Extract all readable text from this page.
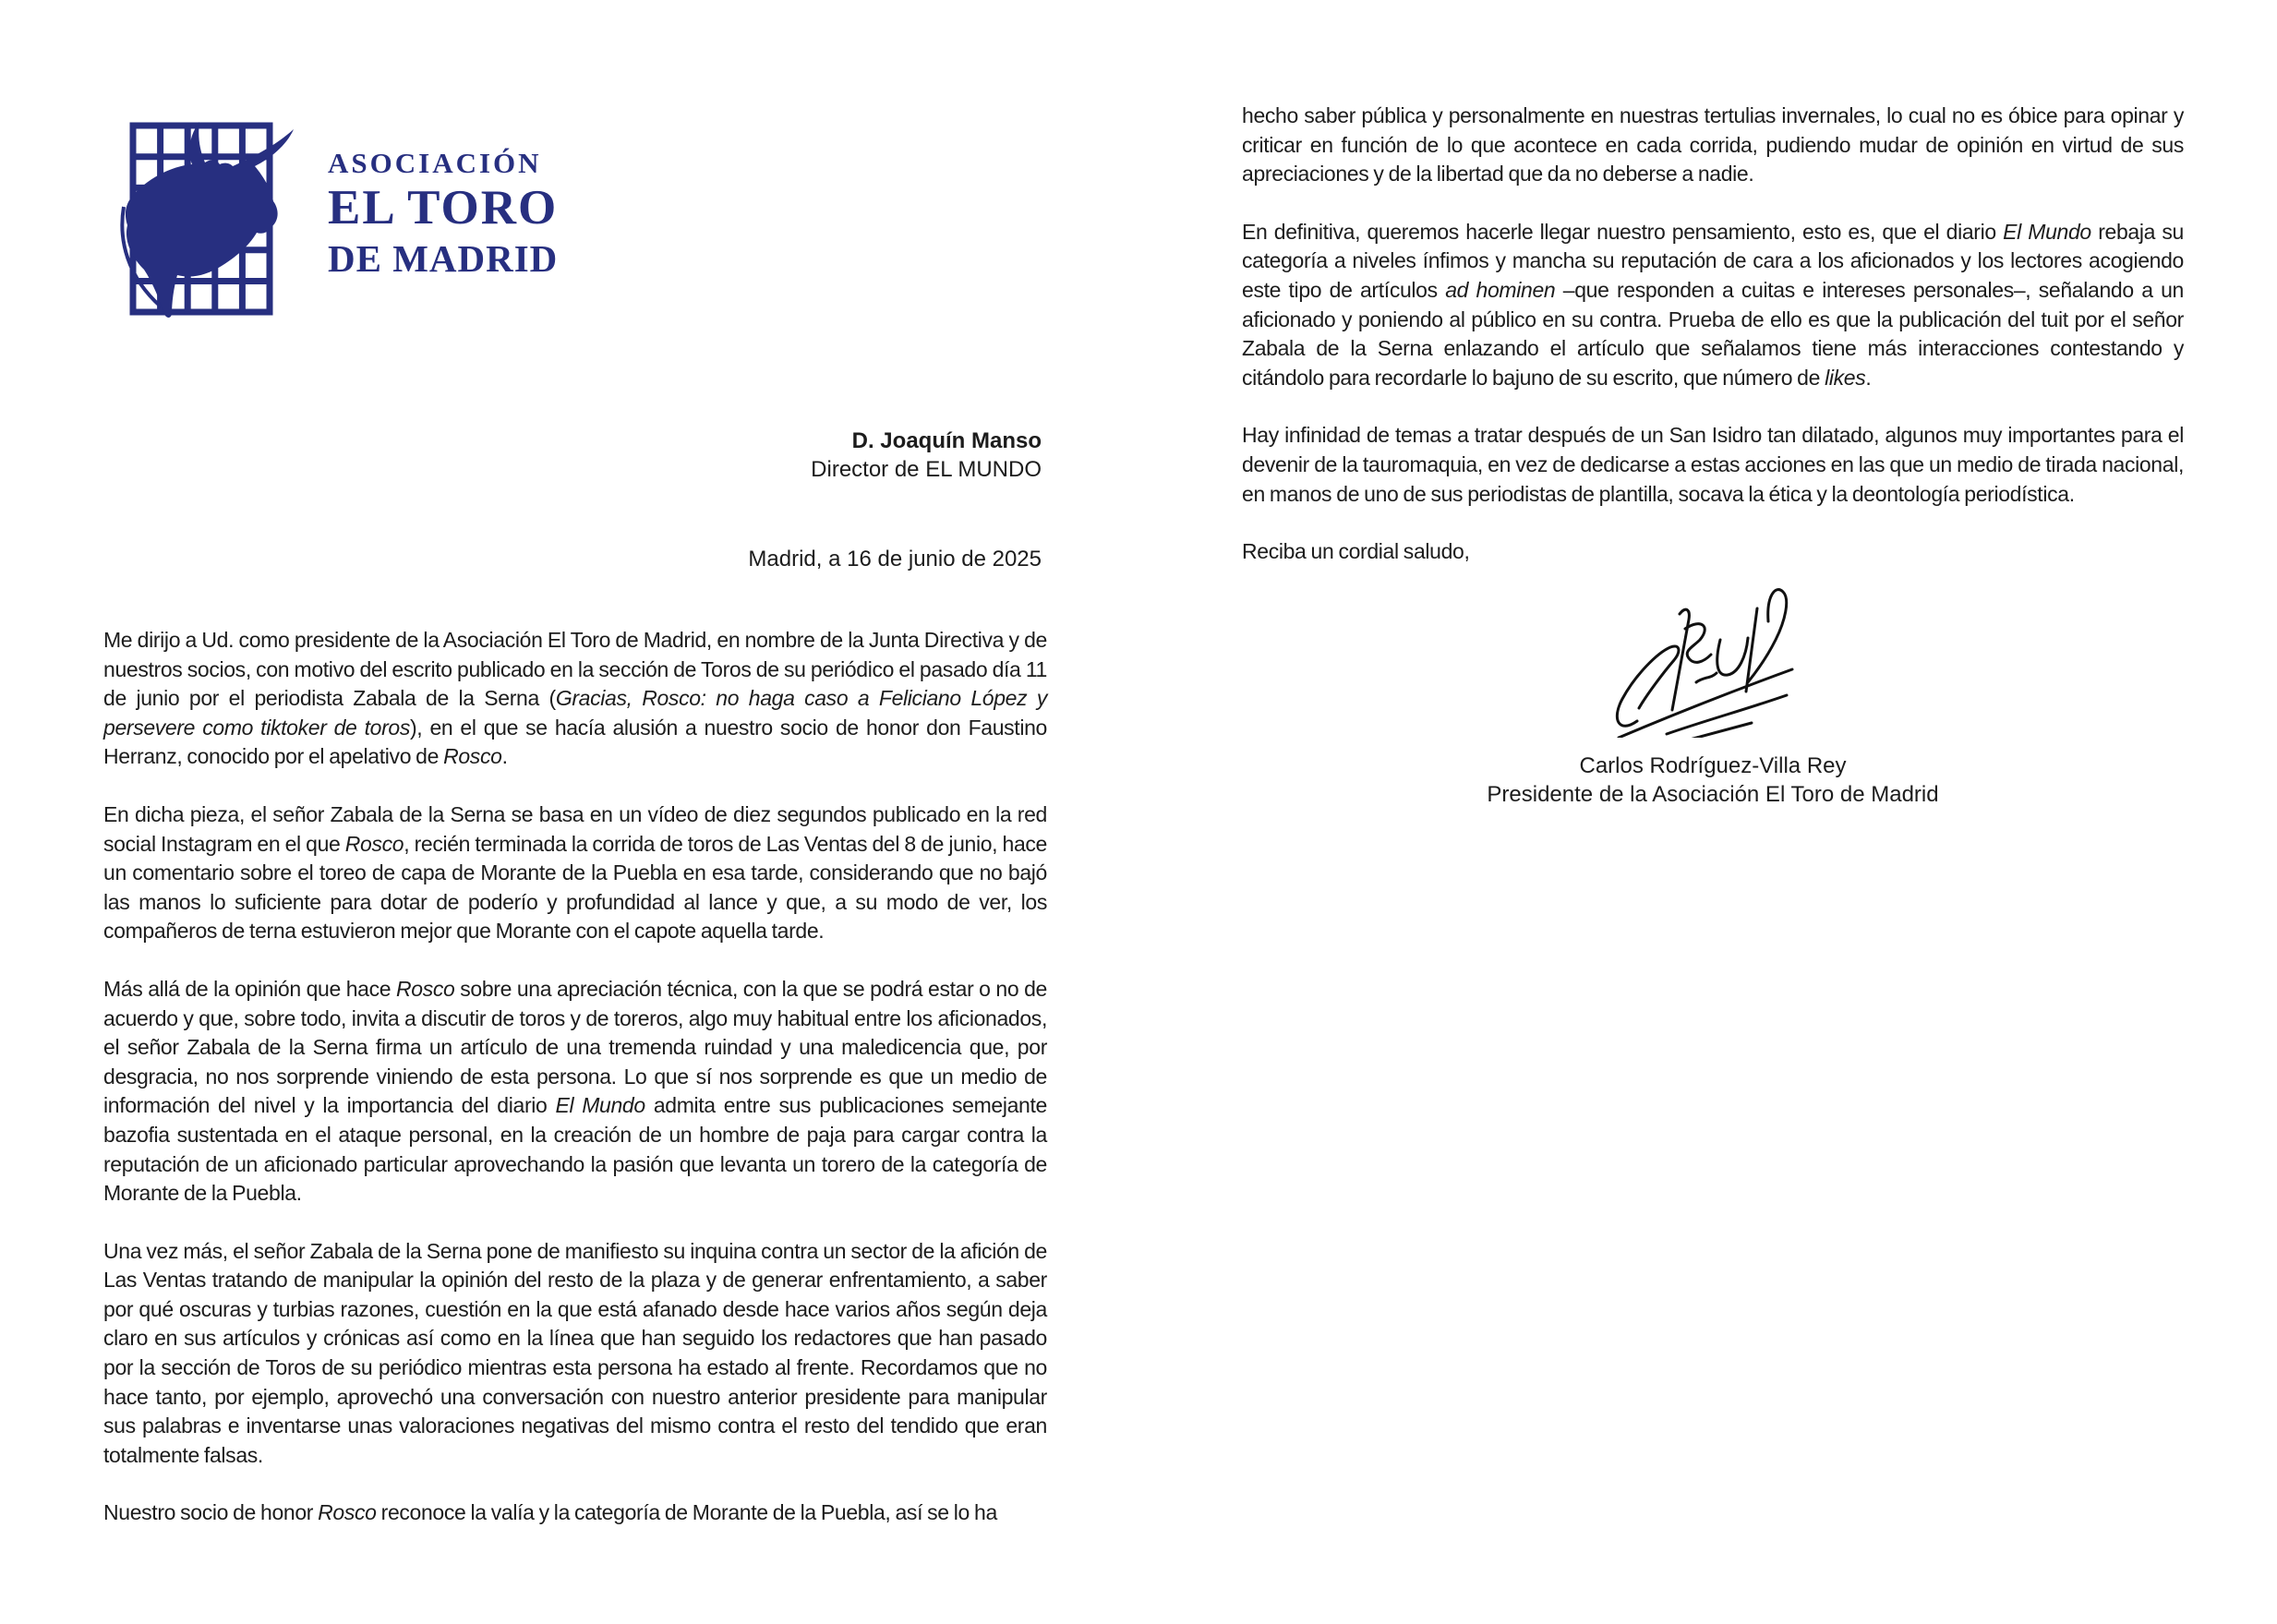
ASOCIACIÓN
EL TORO
DE MADRID
D. Joaquín Manso
Director de EL MUNDO
Madrid, a 16 de junio de 2025

Me dirijo a Ud. como presidente de la Asociación El Toro de Madrid, en nombre de la Junta Directiva y de nuestros socios, con motivo del escrito publicado en la sección de Toros de su periódico el pasado día 11 de junio por el periodista Zabala de la Serna (Gracias, Rosco: no haga caso a Feliciano López y persevere como tiktoker de toros), en el que se hacía alusión a nuestro socio de honor don Faustino Herranz, conocido por el apelativo de Rosco.

En dicha pieza, el señor Zabala de la Serna se basa en un vídeo de diez segundos publicado en la red social Instagram en el que Rosco, recién terminada la corrida de toros de Las Ventas del 8 de junio, hace un comentario sobre el toreo de capa de Morante de la Puebla en esa tarde, considerando que no bajó las manos lo suficiente para dotar de poderío y profundidad al lance y que, a su modo de ver, los compañeros de terna estuvieron mejor que Morante con el capote aquella tarde.

Más allá de la opinión que hace Rosco sobre una apreciación técnica, con la que se podrá estar o no de acuerdo y que, sobre todo, invita a discutir de toros y de toreros, algo muy habitual entre los aficionados, el señor Zabala de la Serna firma un artículo de una tremenda ruindad y una maledicencia que, por desgracia, no nos sorprende viniendo de esta persona. Lo que sí nos sorprende es que un medio de información del nivel y la importancia del diario El Mundo admita entre sus publicaciones semejante bazofia sustentada en el ataque personal, en la creación de un hombre de paja para cargar contra la reputación de un aficionado particular aprovechando la pasión que levanta un torero de la categoría de Morante de la Puebla.

Una vez más, el señor Zabala de la Serna pone de manifiesto su inquina contra un sector de la afición de Las Ventas tratando de manipular la opinión del resto de la plaza y de generar enfrentamiento, a saber por qué oscuras y turbias razones, cuestión en la que está afanado desde hace varios años según deja claro en sus artículos y crónicas así como en la línea que han seguido los redactores que han pasado por la sección de Toros de su periódico mientras esta persona ha estado al frente. Recordamos que no hace tanto, por ejemplo, aprovechó una conversación con nuestro anterior presidente para manipular sus palabras e inventarse unas valoraciones negativas del mismo contra el resto del tendido que eran totalmente falsas.

Nuestro socio de honor Rosco reconoce la valía y la categoría de Morante de la Puebla, así se lo ha

hecho saber pública y personalmente en nuestras tertulias invernales, lo cual no es óbice para opinar y criticar en función de lo que acontece en cada corrida, pudiendo mudar de opinión en virtud de sus apreciaciones y de la libertad que da no deberse a nadie.

En definitiva, queremos hacerle llegar nuestro pensamiento, esto es, que el diario El Mundo rebaja su categoría a niveles ínfimos y mancha su reputación de cara a los aficionados y los lectores acogiendo este tipo de artículos ad hominen –que responden a cuitas e intereses personales–, señalando a un aficionado y poniendo al público en su contra. Prueba de ello es que la publicación del tuit por el señor Zabala de la Serna enlazando el artículo que señalamos tiene más interacciones contestando y citándolo para recordarle lo bajuno de su escrito, que número de likes.

Hay infinidad de temas a tratar después de un San Isidro tan dilatado, algunos muy importantes para el devenir de la tauromaquia, en vez de dedicarse a estas acciones en las que un medio de tirada nacional, en manos de uno de sus periodistas de plantilla, socava la ética y la deontología periodística.

Reciba un cordial saludo,

Carlos Rodríguez-Villa Rey
Presidente de la Asociación El Toro de Madrid
